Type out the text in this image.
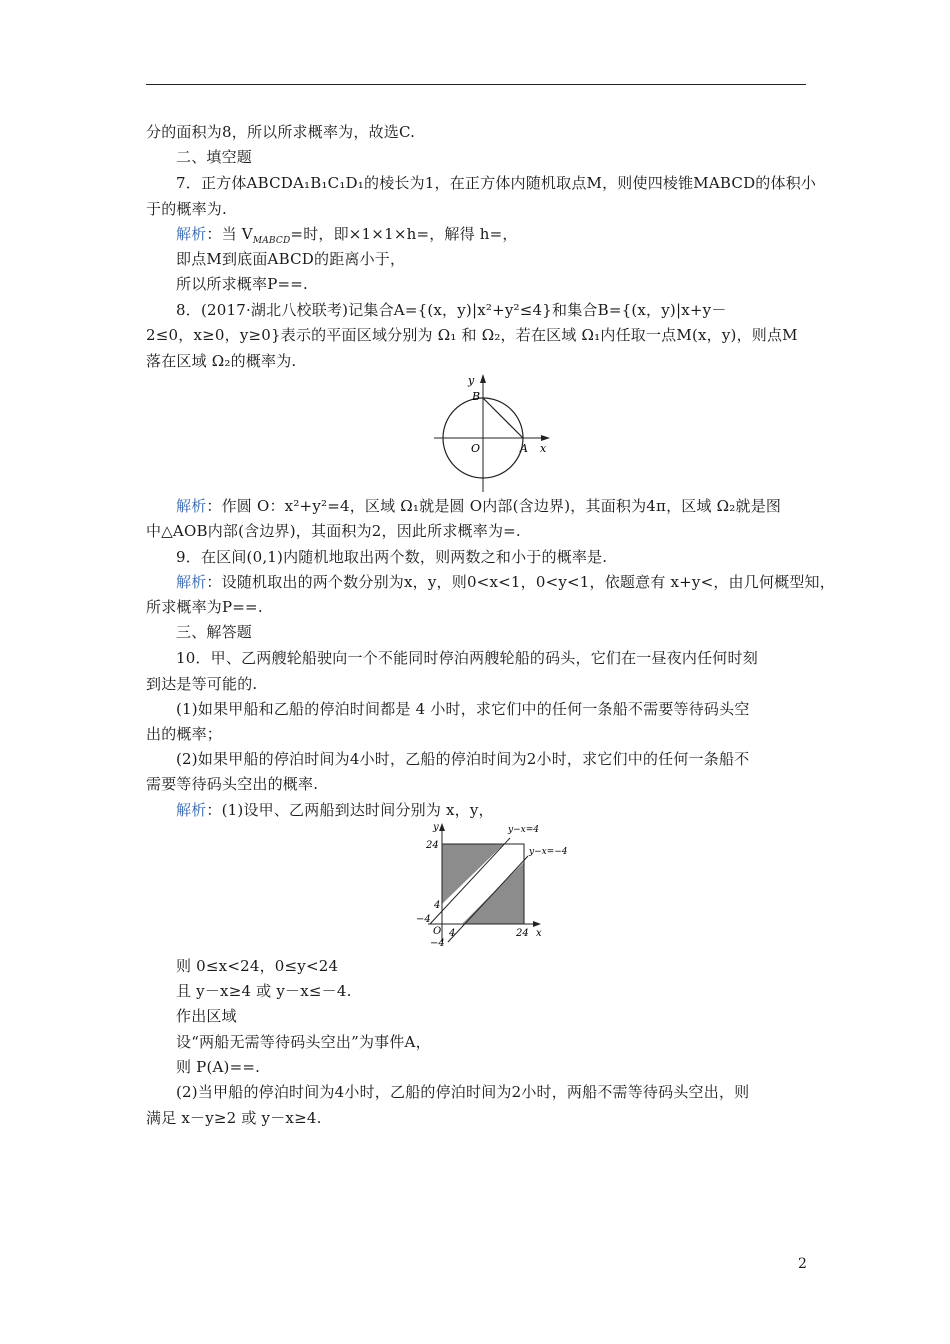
分的面积为8，所以所求概率为，故选C.
二、填空题
7．正方体ABCDA₁B₁C₁D₁的棱长为1，在正方体内随机取点M，则使四棱锥MABCD的体积小
于的概率为.
解析：当 $V_{MABCD}=$时，即×1×1×h=，解得 h=，
即点M到底面ABCD的距离小于，
所以所求概率P==.
8．(2017·湖北八校联考)记集合A={(x，y)|x²+y²≤4}和集合B={(x，y)|x+y－
2≤0，x≥0，y≥0}表示的平面区域分别为 Ω₁ 和 Ω₂，若在区域 Ω₁内任取一点M(x，y)，则点M
落在区域 Ω₂的概率为.
y
B
O	A x
解析：作圆 O：x²+y²=4，区域 Ω₁就是圆 O内部(含边界)，其面积为4π，区域 Ω₂就是图
中△AOB内部(含边界)，其面积为2，因此所求概率为=.
9．在区间(0,1)内随机地取出两个数，则两数之和小于的概率是.
解析：设随机取出的两个数分别为x，y，则0<x<1，0<y<1，依题意有 x+y<，由几何概型知，
所求概率为P==.
三、解答题
10．甲、乙两艘轮船驶向一个不能同时停泊两艘轮船的码头，它们在一昼夜内任何时刻
到达是等可能的.
(1)如果甲船和乙船的停泊时间都是 4 小时，求它们中的任何一条船不需要等待码头空
出的概率；
(2)如果甲船的停泊时间为4小时，乙船的停泊时间为2小时，求它们中的任何一条船不
需要等待码头空出的概率.
解析：(1)设甲、乙两船到达时间分别为 x，y，
y
x
24
4
−4
−4
O 4	24
y−x=4
y−x=−4
则 0≤x<24，0≤y<24
且 y－x≥4 或 y－x≤－4.
作出区域
设“两船无需等待码头空出”为事件A，
则 P(A)==.
(2)当甲船的停泊时间为4小时，乙船的停泊时间为2小时，两船不需等待码头空出，则
满足 x－y≥2 或 y－x≥4.
2
